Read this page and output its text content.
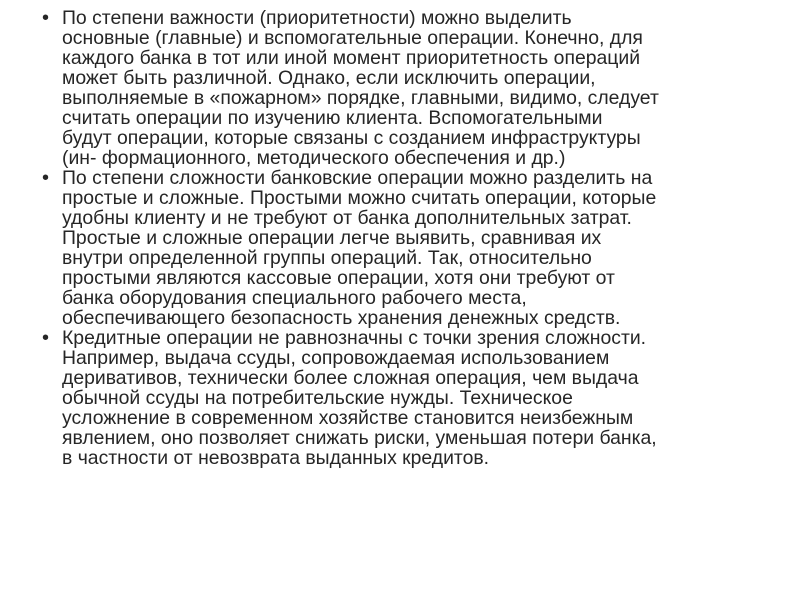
• По степени важности (приоритетности) можно выделить
основные (главные) и вспомогательные операции. Конечно, для
каждого банка в тот или иной момент приоритетность операций
может быть различной. Однако, если исключить операции,
выполняемые в «пожарном» порядке, главными, видимо, следует
считать операции по изучению клиента. Вспомогательными
будут операции, которые связаны с созданием инфраструктуры
(ин- формационного, методического обеспечения и др.)
• По степени сложности банковские операции можно разделить на
простые и сложные. Простыми можно считать операции, которые
удобны клиенту и не требуют от банка дополнительных затрат.
Простые и сложные операции легче выявить, сравнивая их
внутри определенной группы операций. Так, относительно
простыми являются кассовые операции, хотя они требуют от
банка оборудования специального рабочего места,
обеспечивающего безопасность хранения денежных средств.
• Кредитные операции не равнозначны с точки зрения сложности.
Например, выдача ссуды, сопровождаемая использованием
деривативов, технически более сложная операция, чем выдача
обычной ссуды на потребительские нужды. Техническое
усложнение в современном хозяйстве становится неизбежным
явлением, оно позволяет снижать риски, уменьшая потери банка,
в частности от невозврата выданных кредитов.
